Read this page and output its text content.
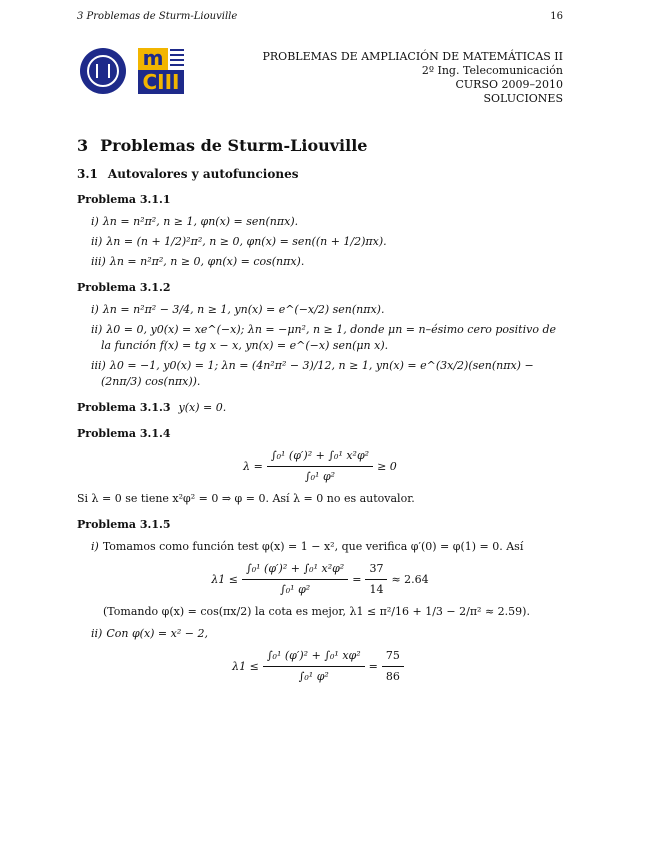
3 Problemas de Sturm-Liouville	16
m
CIII
PROBLEMAS DE AMPLIACIÓN DE MATEMÁTICAS II
2º Ing. Telecomunicación
CURSO 2009–2010
SOLUCIONES
3 Problemas de Sturm-Liouville
3.1 Autovalores y autofunciones
Problema 3.1.1
i) λn = n²π², n ≥ 1, φn(x) = sen(nπx).
ii) λn = (n + 1/2)²π², n ≥ 0, φn(x) = sen((n + 1/2)πx).
iii) λn = n²π², n ≥ 0, φn(x) = cos(nπx).
Problema 3.1.2
i) λn = n²π² − 3/4, n ≥ 1, yn(x) = e^(−x/2) sen(nπx).
ii) λ0 = 0, y0(x) = xe^(−x); λn = −μn², n ≥ 1, donde μn = n–ésimo cero positivo de la función f(x) = tg x − x, yn(x) = e^(−x) sen(μn x).
iii) λ0 = −1, y0(x) = 1; λn = (4n²π² − 3)/12, n ≥ 1, yn(x) = e^(3x/2)(sen(nπx) − (2nπ/3) cos(nπx)).
Problema 3.1.3 y(x) = 0.
Problema 3.1.4
$\lambda = \frac{\text{∫₀¹ (φ′)² + ∫₀¹ x²φ²}}{\text{∫₀¹ φ²}} \ge 0$
Si λ = 0 se tiene x²φ² = 0 ⇒ φ = 0. Así λ = 0 no es autovalor.
Problema 3.1.5
i) Tomamos como función test φ(x) = 1 − x², que verifica φ′(0) = φ(1) = 0. Así
$\lambda 1 \le \frac{\text{∫₀¹ (φ′)² + ∫₀¹ x²φ²}}{\text{∫₀¹ φ²}} = \frac{37}{14} \approx 2.64$
(Tomando φ(x) = cos(πx/2) la cota es mejor, λ1 ≤ π²/16 + 1/3 − 2/π² ≈ 2.59).
ii) Con φ(x) = x² − 2,
$\lambda 1 \le \frac{\text{∫₀¹ (φ′)² + ∫₀¹ xφ²}}{\text{∫₀¹ φ²}} = \frac{75}{86}$
